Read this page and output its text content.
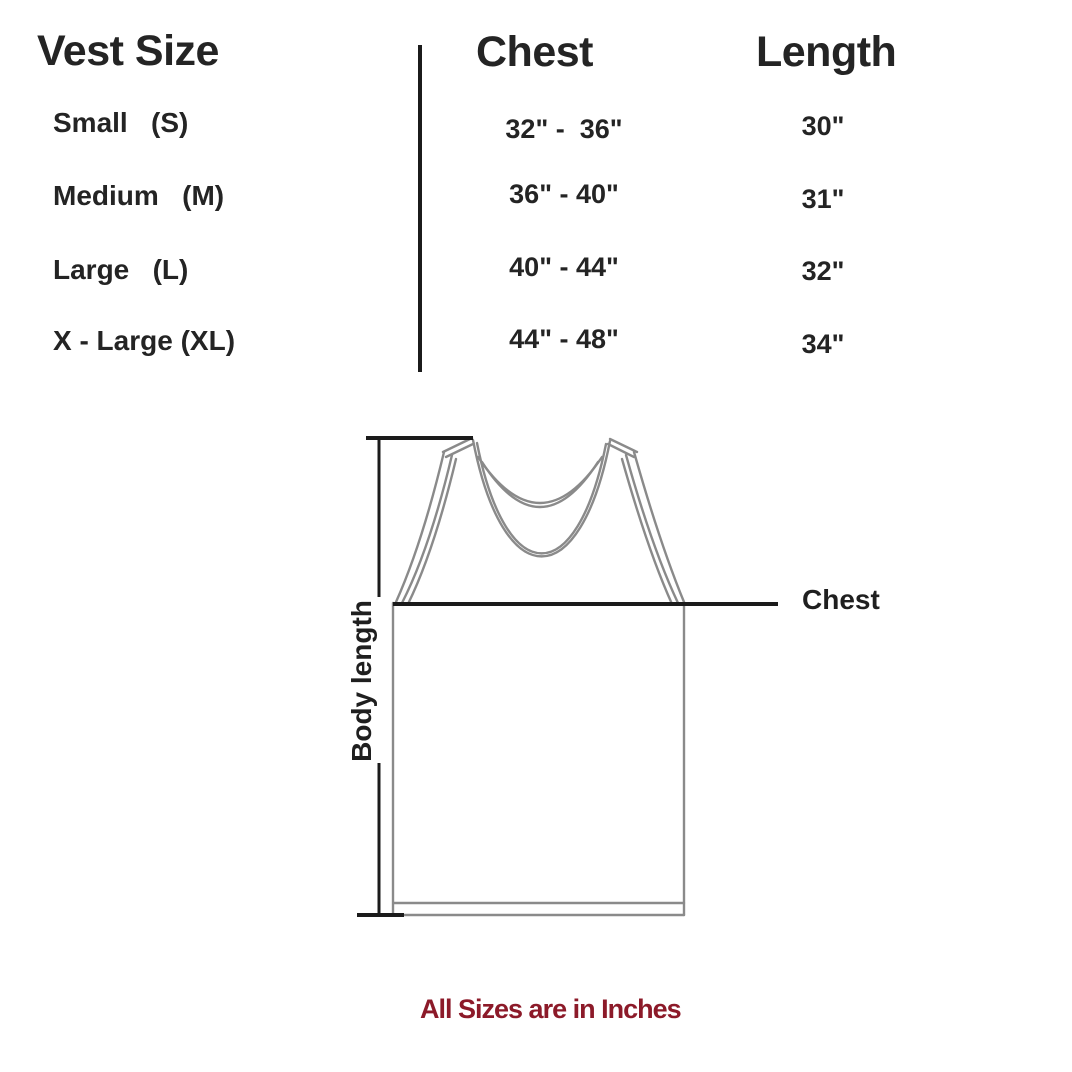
Vest Size	Chest	Length
Small   (S)
Medium   (M)
Large   (L)
X - Large (XL)
32" -  36"
36" - 40"
40" - 44"
44" - 48"
30"
31"
32"
34"
Body length
Chest
All Sizes are in Inches
